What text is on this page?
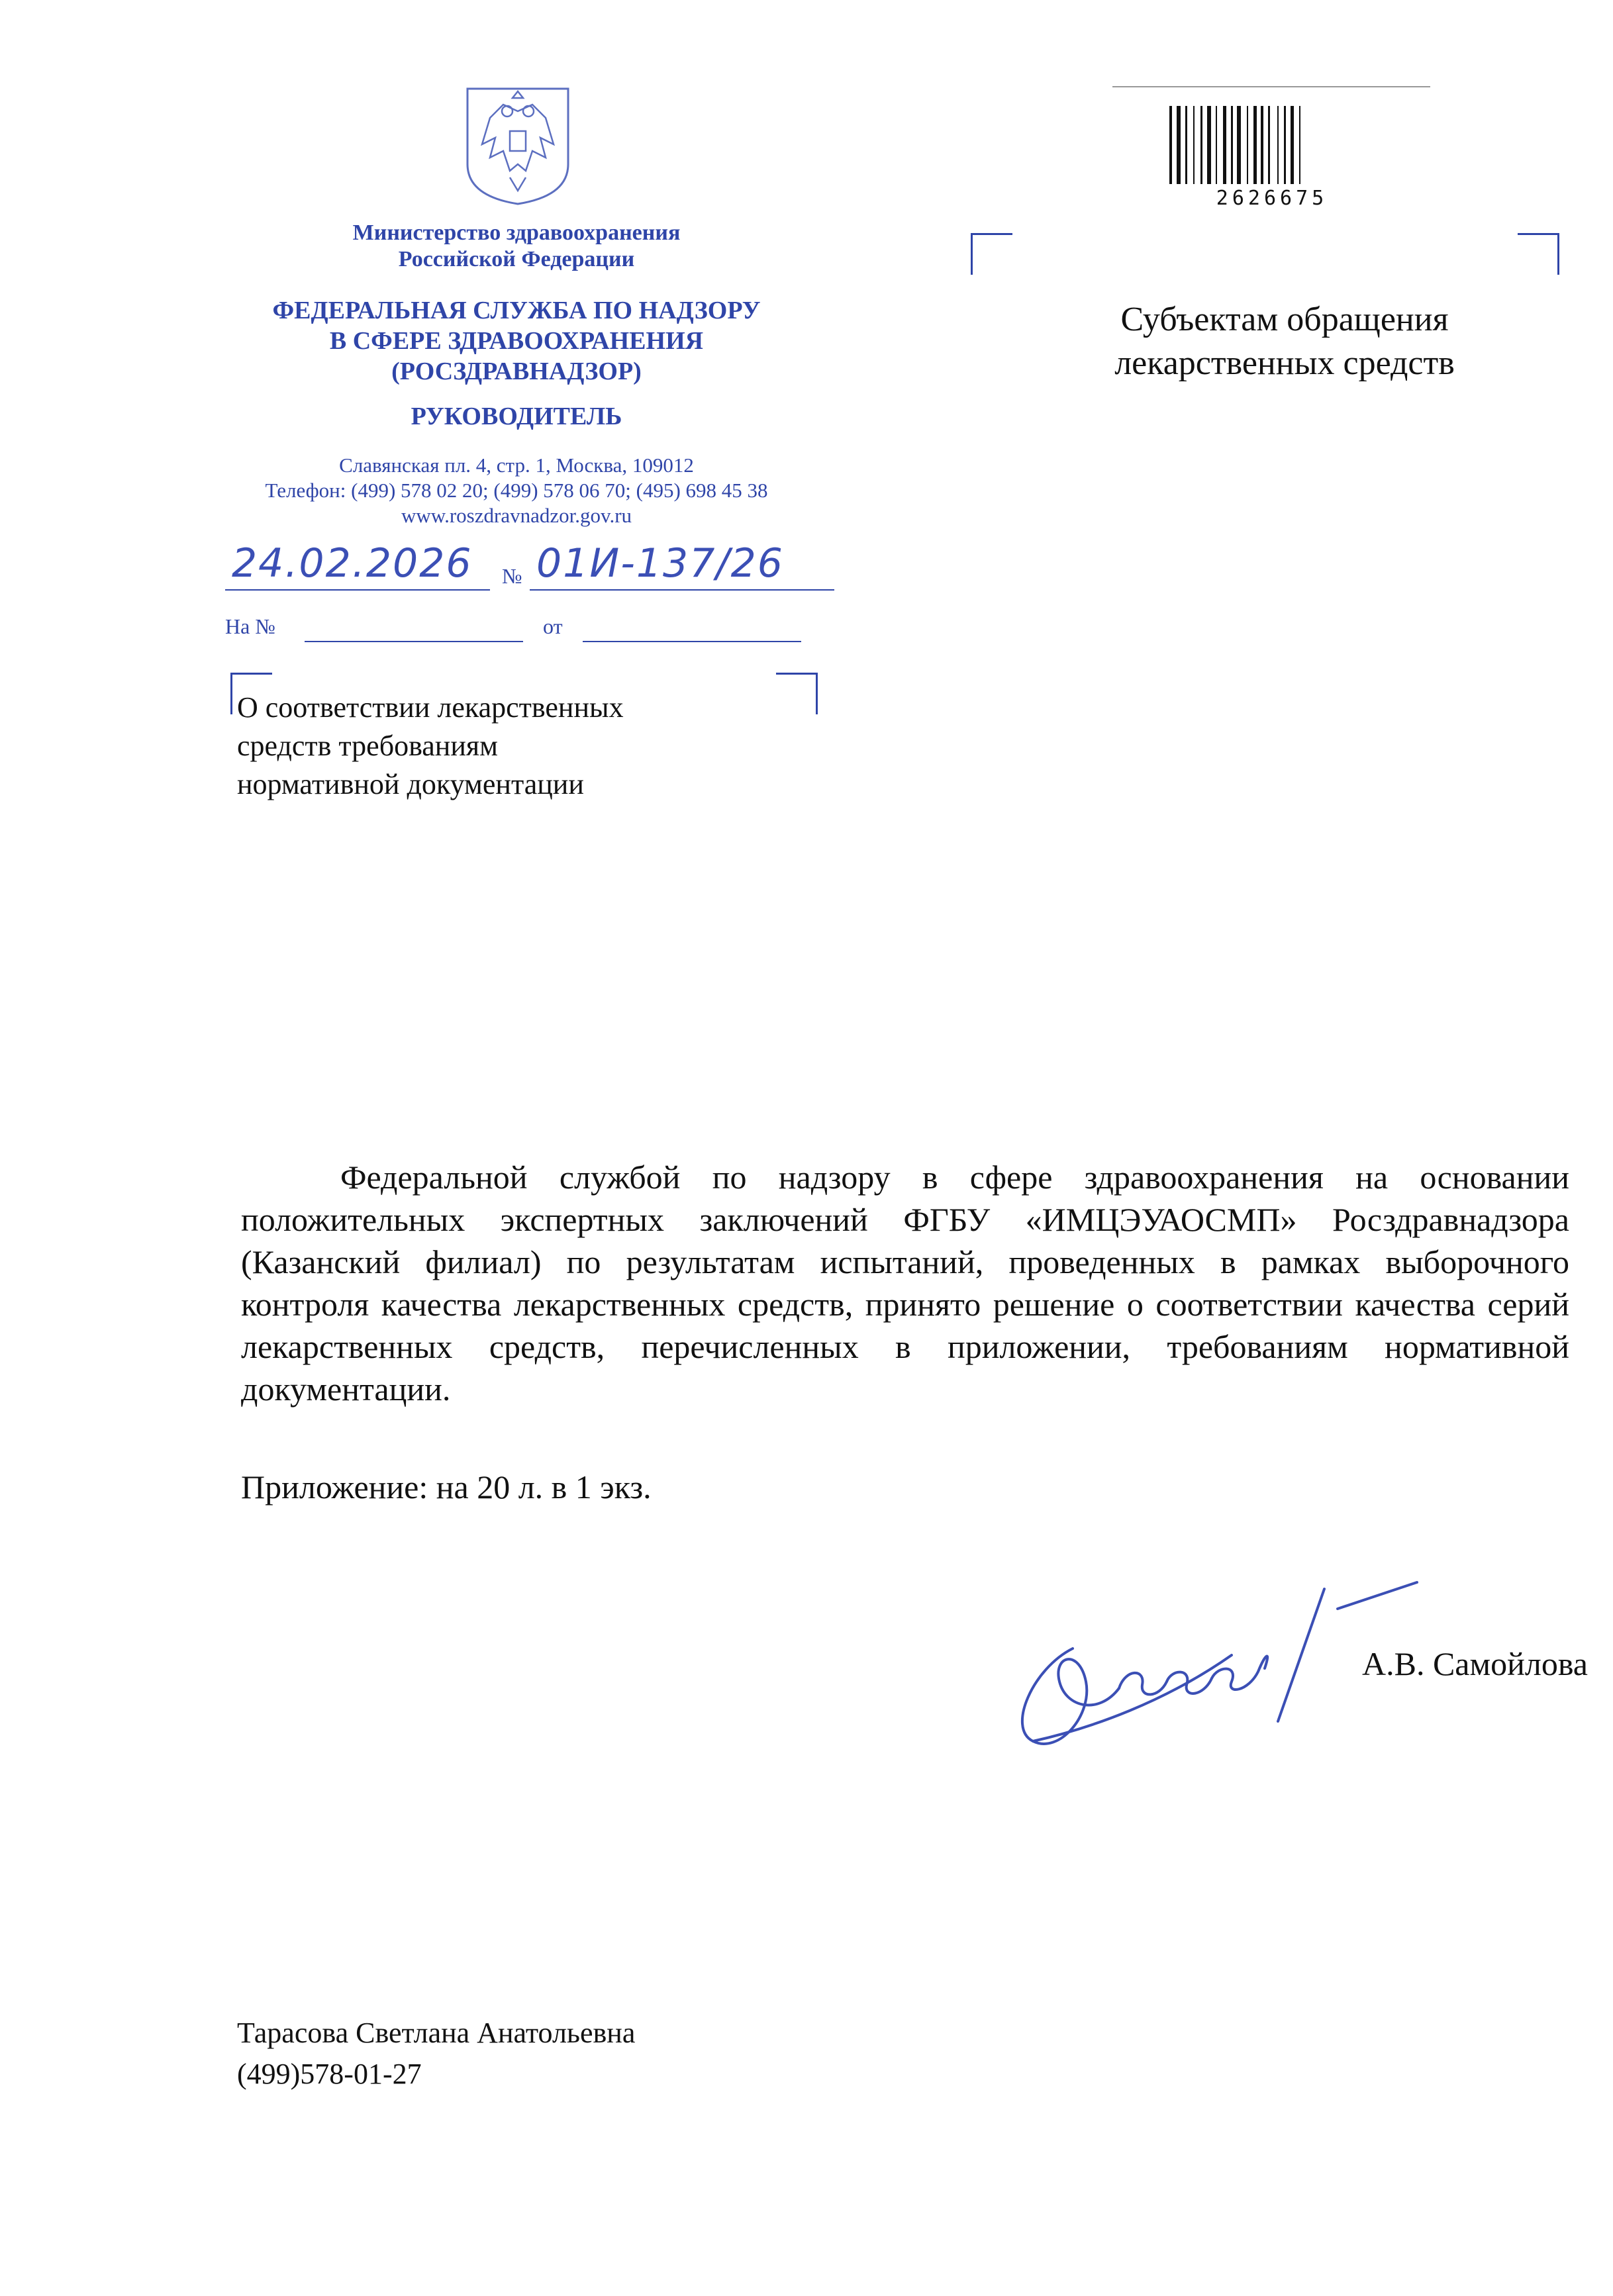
Министерство здравоохранения
Российской Федерации
ФЕДЕРАЛЬНАЯ СЛУЖБА ПО НАДЗОРУ
В СФЕРЕ ЗДРАВООХРАНЕНИЯ
(РОСЗДРАВНАДЗОР)
РУКОВОДИТЕЛЬ
Славянская пл. 4, стр. 1, Москва, 109012
Телефон: (499) 578 02 20; (499) 578 06 70; (495) 698 45 38
www.roszdravnadzor.gov.ru
24.02.2026 № 01И-137/26
На №	от
2626675
Субъектам обращения
лекарственных средств
О соответствии лекарственных
средств требованиям
нормативной документации
Федеральной службой по надзору в сфере здравоохранения на основании положительных экспертных заключений ФГБУ «ИМЦЭУАОСМП» Росздравнадзора (Казанский филиал) по результатам испытаний, проведенных в рамках выборочного контроля качества лекарственных средств, принято решение о соответствии качества серий лекарственных средств, перечисленных в приложении, требованиям нормативной документации.
Приложение: на 20 л. в 1 экз.
А.В. Самойлова
Тарасова Светлана Анатольевна
(499)578-01-27
